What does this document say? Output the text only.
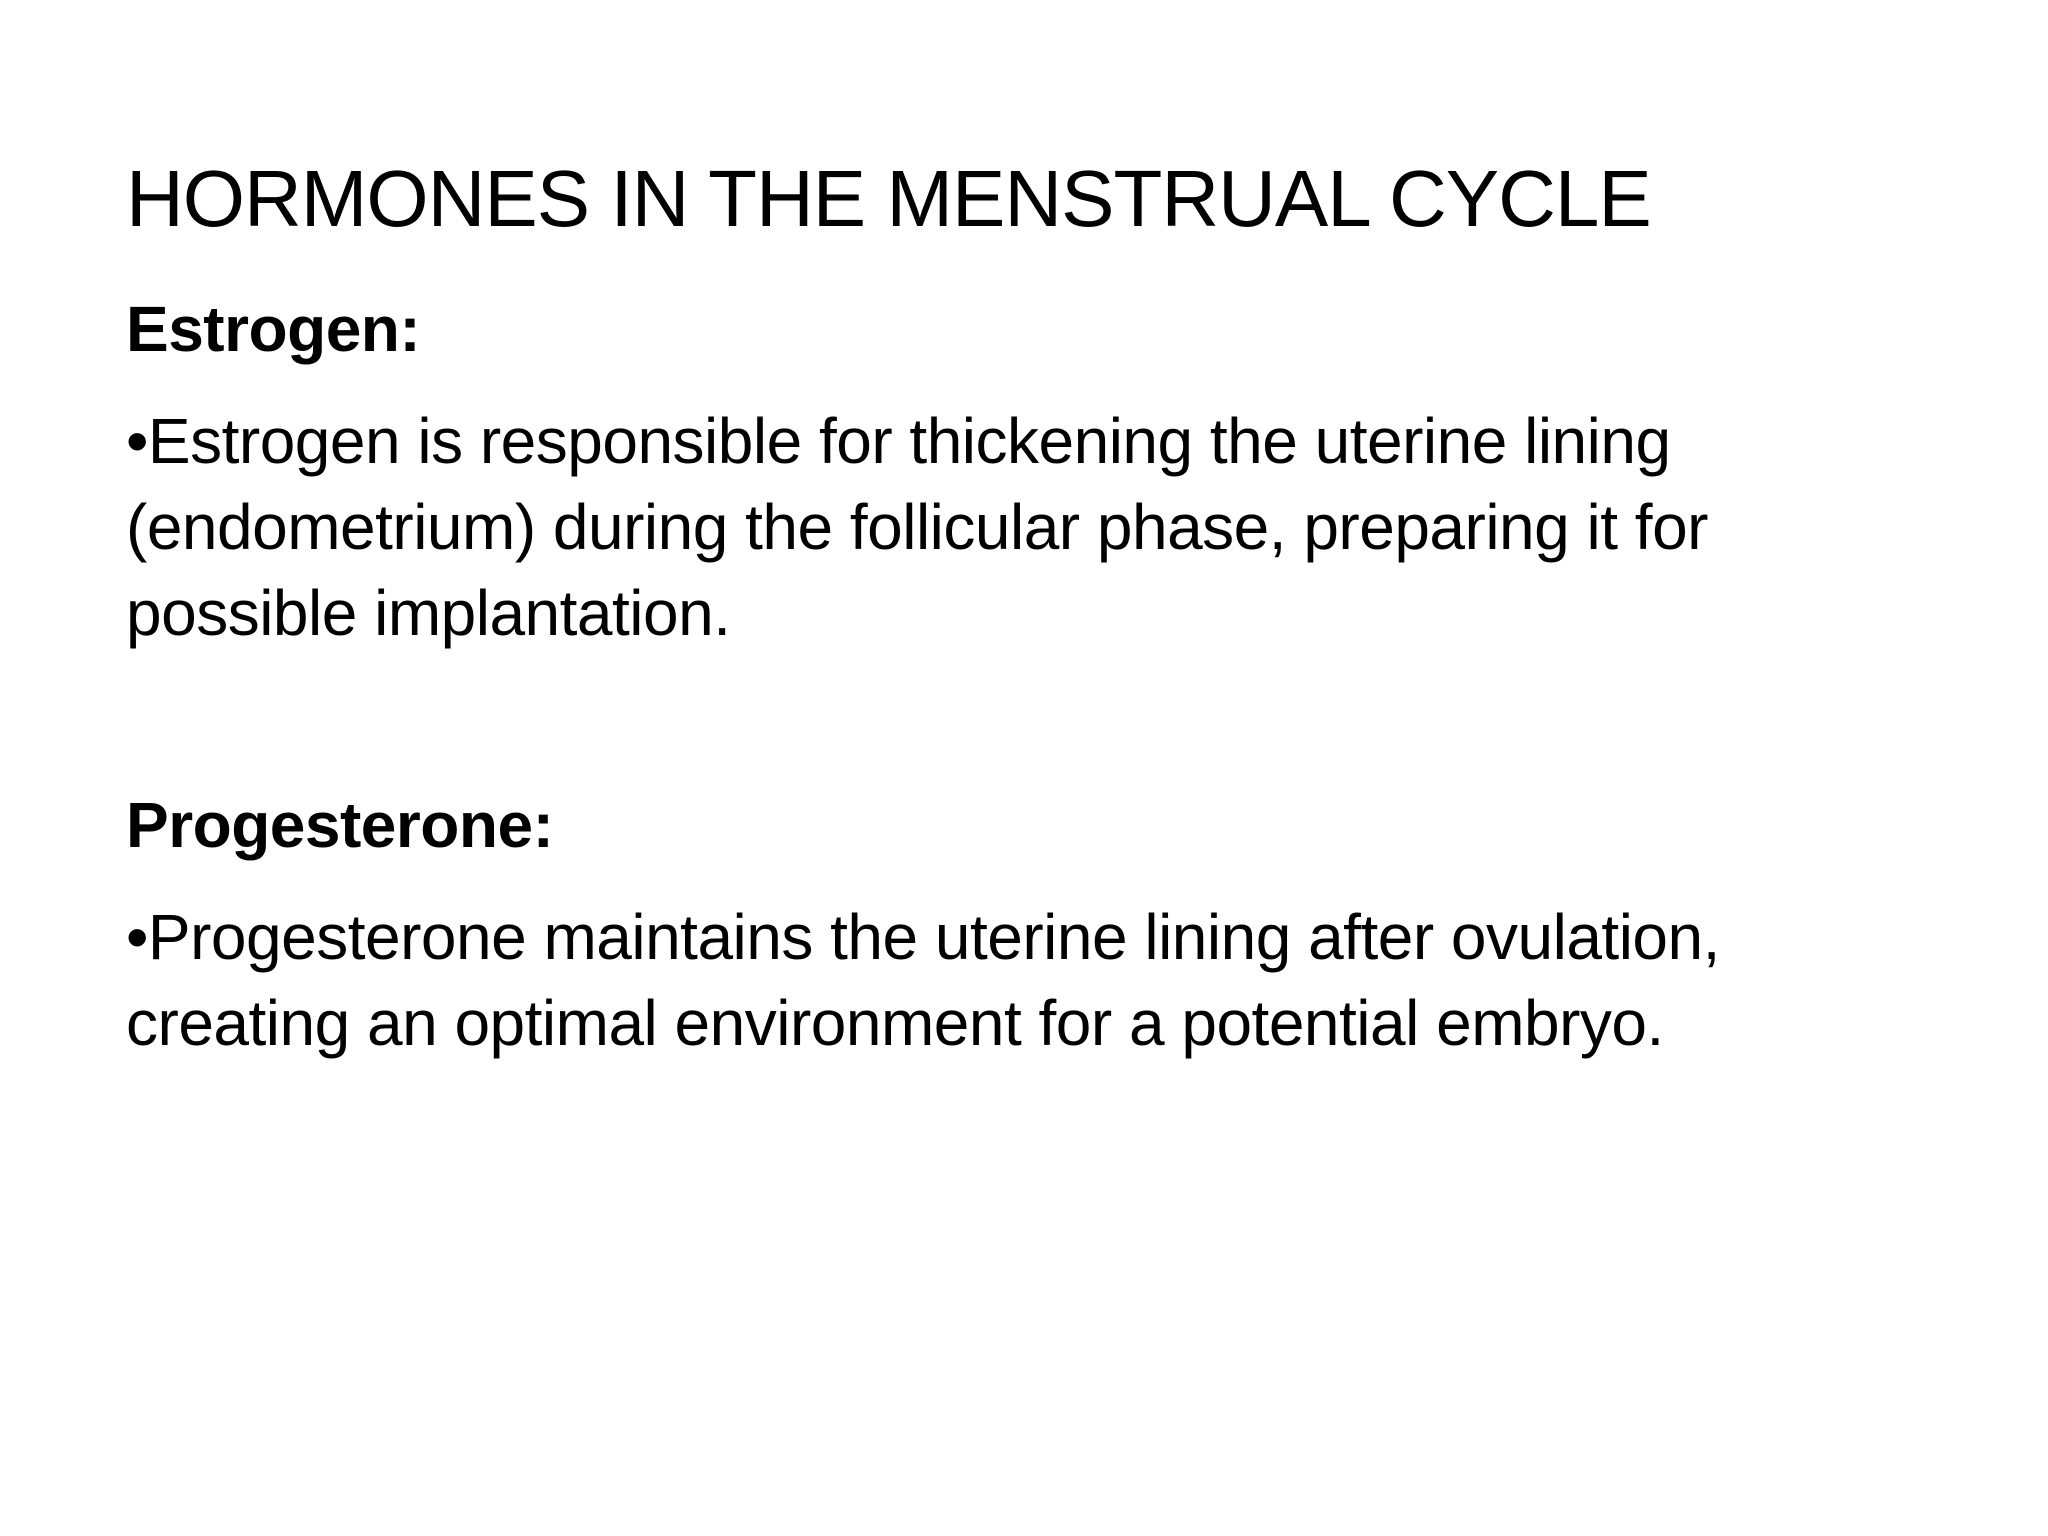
HORMONES IN THE MENSTRUAL CYCLE

Estrogen:

•Estrogen is responsible for thickening the uterine lining (endometrium) during the follicular phase, preparing it for possible implantation.

Progesterone:

•Progesterone maintains the uterine lining after ovulation, creating an optimal environment for a potential embryo.
